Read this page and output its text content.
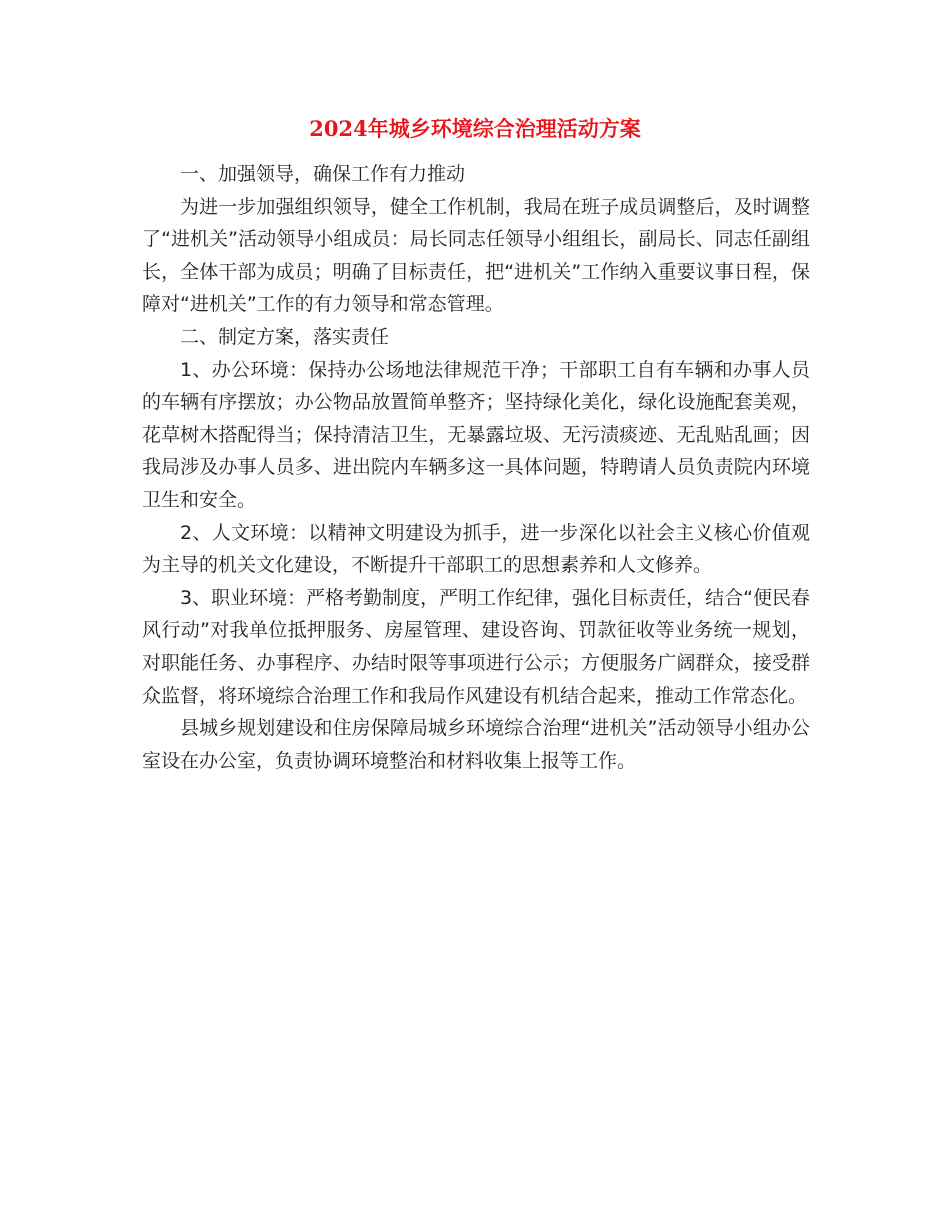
2024年城乡环境综合治理活动方案

一、加强领导，确保工作有力推动

为进一步加强组织领导，健全工作机制，我局在班子成员调整后，及时调整了“进机关”活动领导小组成员：局长同志任领导小组组长，副局长、同志任副组长，全体干部为成员；明确了目标责任，把“进机关”工作纳入重要议事日程，保障对“进机关”工作的有力领导和常态管理。

二、制定方案，落实责任

1、办公环境：保持办公场地法律规范干净；干部职工自有车辆和办事人员的车辆有序摆放；办公物品放置简单整齐；坚持绿化美化，绿化设施配套美观，花草树木搭配得当；保持清洁卫生，无暴露垃圾、无污渍痰迹、无乱贴乱画；因我局涉及办事人员多、进出院内车辆多这一具体问题，特聘请人员负责院内环境卫生和安全。

2、人文环境：以精神文明建设为抓手，进一步深化以社会主义核心价值观为主导的机关文化建设，不断提升干部职工的思想素养和人文修养。

3、职业环境：严格考勤制度，严明工作纪律，强化目标责任，结合“便民春风行动”对我单位抵押服务、房屋管理、建设咨询、罚款征收等业务统一规划，对职能任务、办事程序、办结时限等事项进行公示；方便服务广阔群众，接受群众监督，将环境综合治理工作和我局作风建设有机结合起来，推动工作常态化。

县城乡规划建设和住房保障局城乡环境综合治理“进机关”活动领导小组办公室设在办公室，负责协调环境整治和材料收集上报等工作。
